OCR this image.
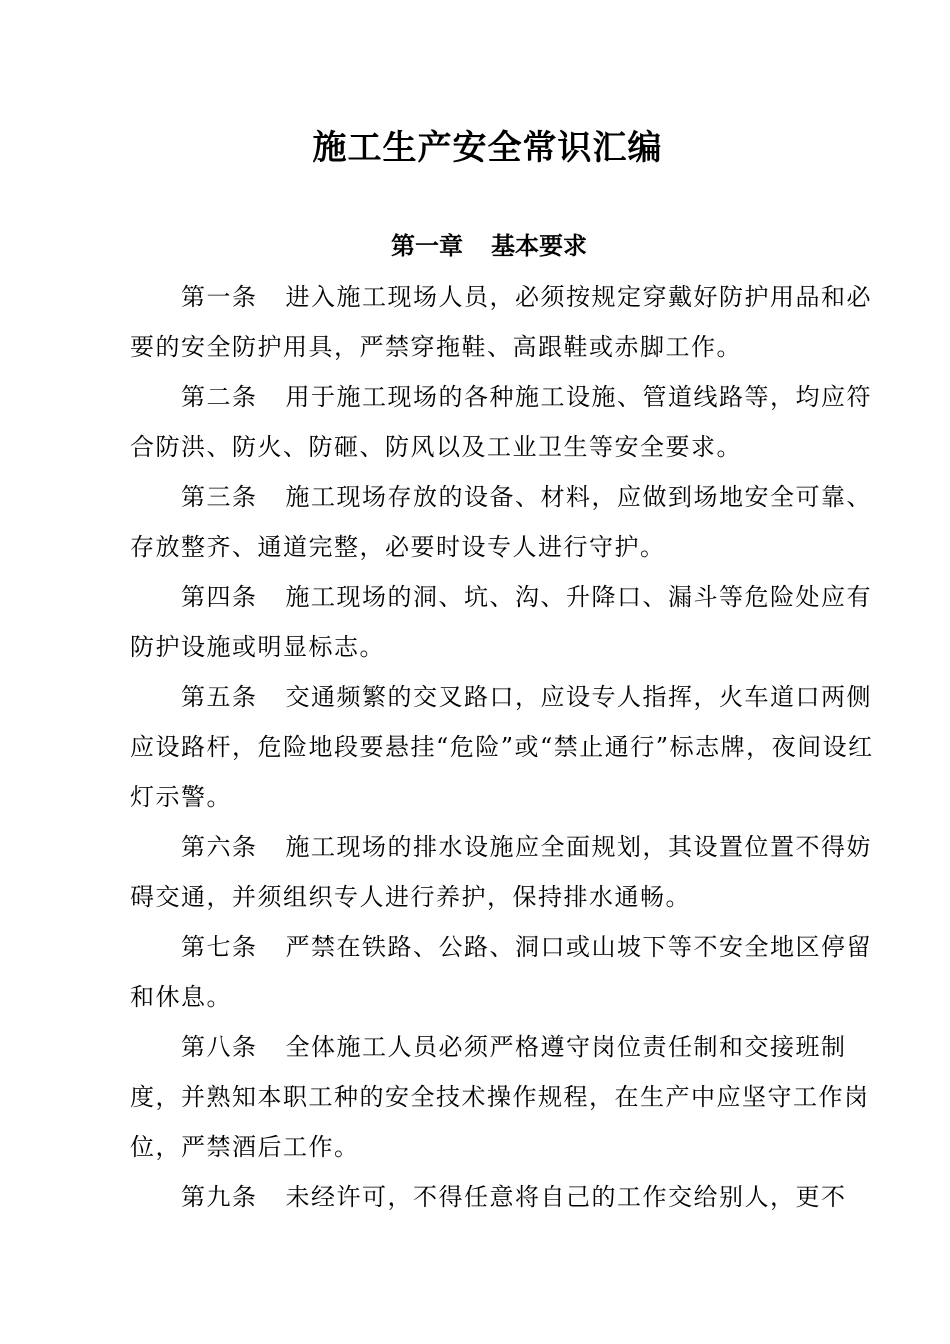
施工生产安全常识汇编
第一章 基本要求

第一条 进入施工现场人员，必须按规定穿戴好防护用品和必要的安全防护用具，严禁穿拖鞋、高跟鞋或赤脚工作。

第二条 用于施工现场的各种施工设施、管道线路等，均应符合防洪、防火、防砸、防风以及工业卫生等安全要求。

第三条 施工现场存放的设备、材料，应做到场地安全可靠、存放整齐、通道完整，必要时设专人进行守护。

第四条 施工现场的洞、坑、沟、升降口、漏斗等危险处应有防护设施或明显标志。

第五条 交通频繁的交叉路口，应设专人指挥，火车道口两侧应设路杆，危险地段要悬挂“危险”或“禁止通行”标志牌，夜间设红灯示警。

第六条 施工现场的排水设施应全面规划，其设置位置不得妨碍交通，并须组织专人进行养护，保持排水通畅。

第七条 严禁在铁路、公路、洞口或山坡下等不安全地区停留和休息。

第八条 全体施工人员必须严格遵守岗位责任制和交接班制度，并熟知本职工种的安全技术操作规程，在生产中应坚守工作岗位，严禁酒后工作。

第九条 未经许可，不得任意将自己的工作交给别人，更不
